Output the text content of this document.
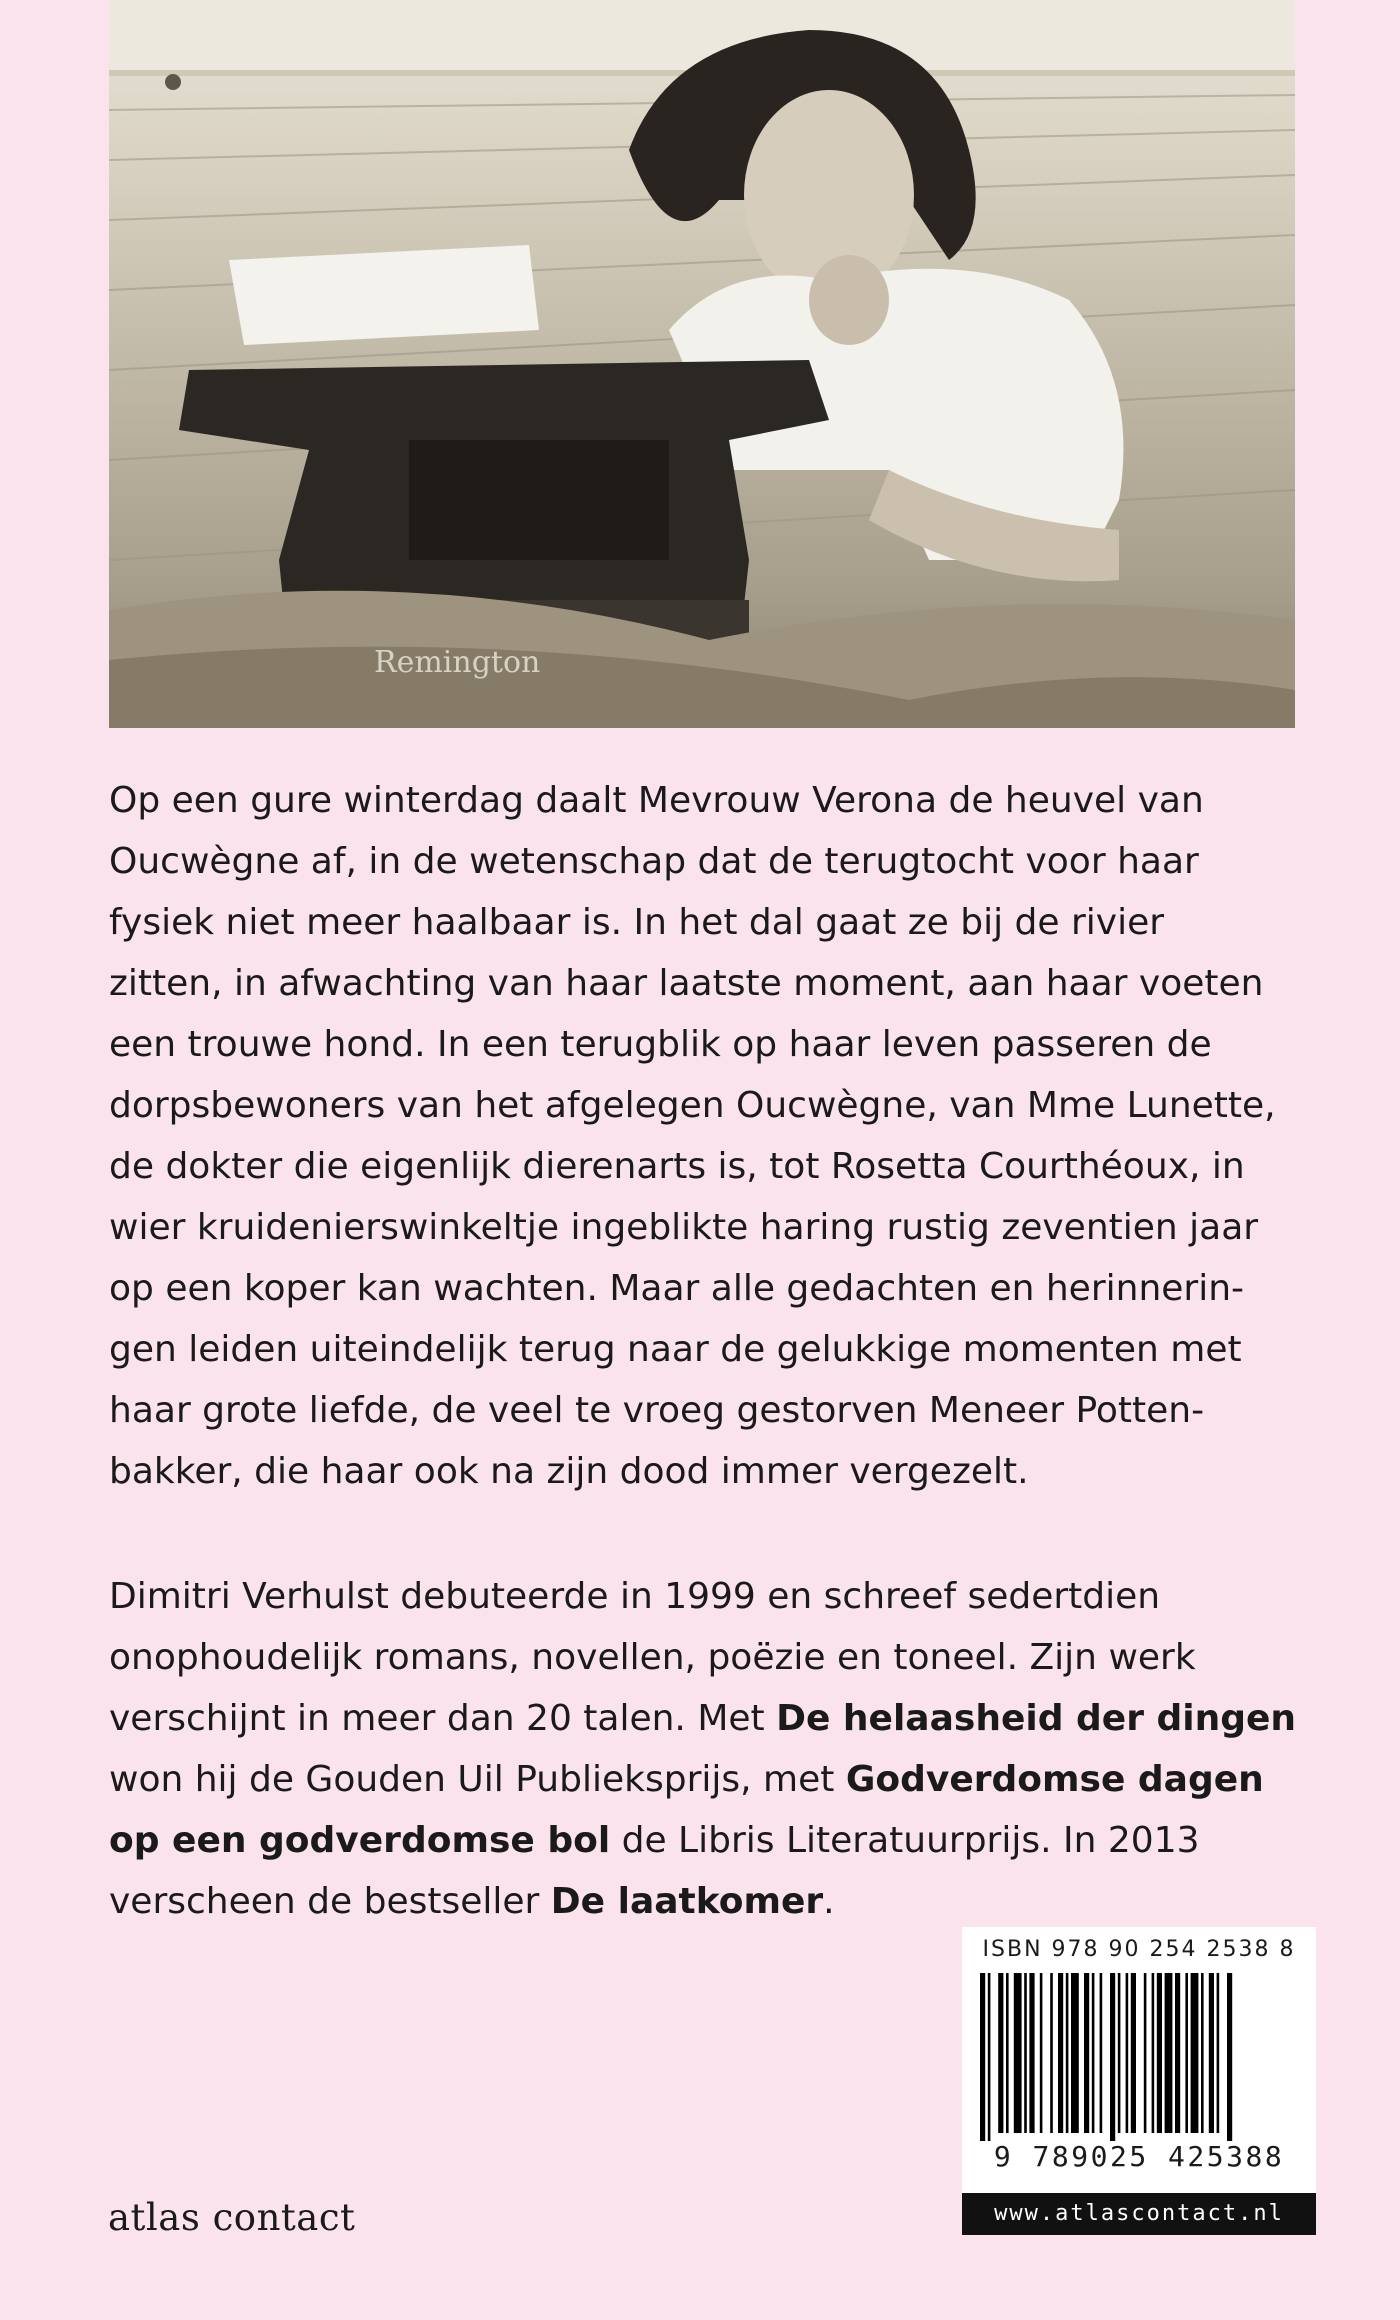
Remington

Op een gure winterdag daalt Mevrouw Verona de heuvel van
Oucwègne af, in de wetenschap dat de terugtocht voor haar
fysiek niet meer haalbaar is. In het dal gaat ze bij de rivier
zitten, in afwachting van haar laatste moment, aan haar voeten
een trouwe hond. In een terugblik op haar leven passeren de
dorpsbewoners van het afgelegen Oucwègne, van Mme Lunette,
de dokter die eigenlijk dierenarts is, tot Rosetta Courthéoux, in
wier kruidenierswinkeltje ingeblikte haring rustig zeventien jaar
op een koper kan wachten. Maar alle gedachten en herinnerin-
gen leiden uiteindelijk terug naar de gelukkige momenten met
haar grote liefde, de veel te vroeg gestorven Meneer Potten-
bakker, die haar ook na zijn dood immer vergezelt.

Dimitri Verhulst debuteerde in 1999 en schreef sedertdien
onophoudelijk romans, novellen, poëzie en toneel. Zijn werk
verschijnt in meer dan 20 talen. Met De helaasheid der dingen
won hij de Gouden Uil Publieksprijs, met Godverdomse dagen
op een godverdomse bol de Libris Literatuurprijs. In 2013
verscheen de bestseller De laatkomer.

atlas contact

ISBN 978 90 254 2538 8

9 789025 425388

www.atlascontact.nl
